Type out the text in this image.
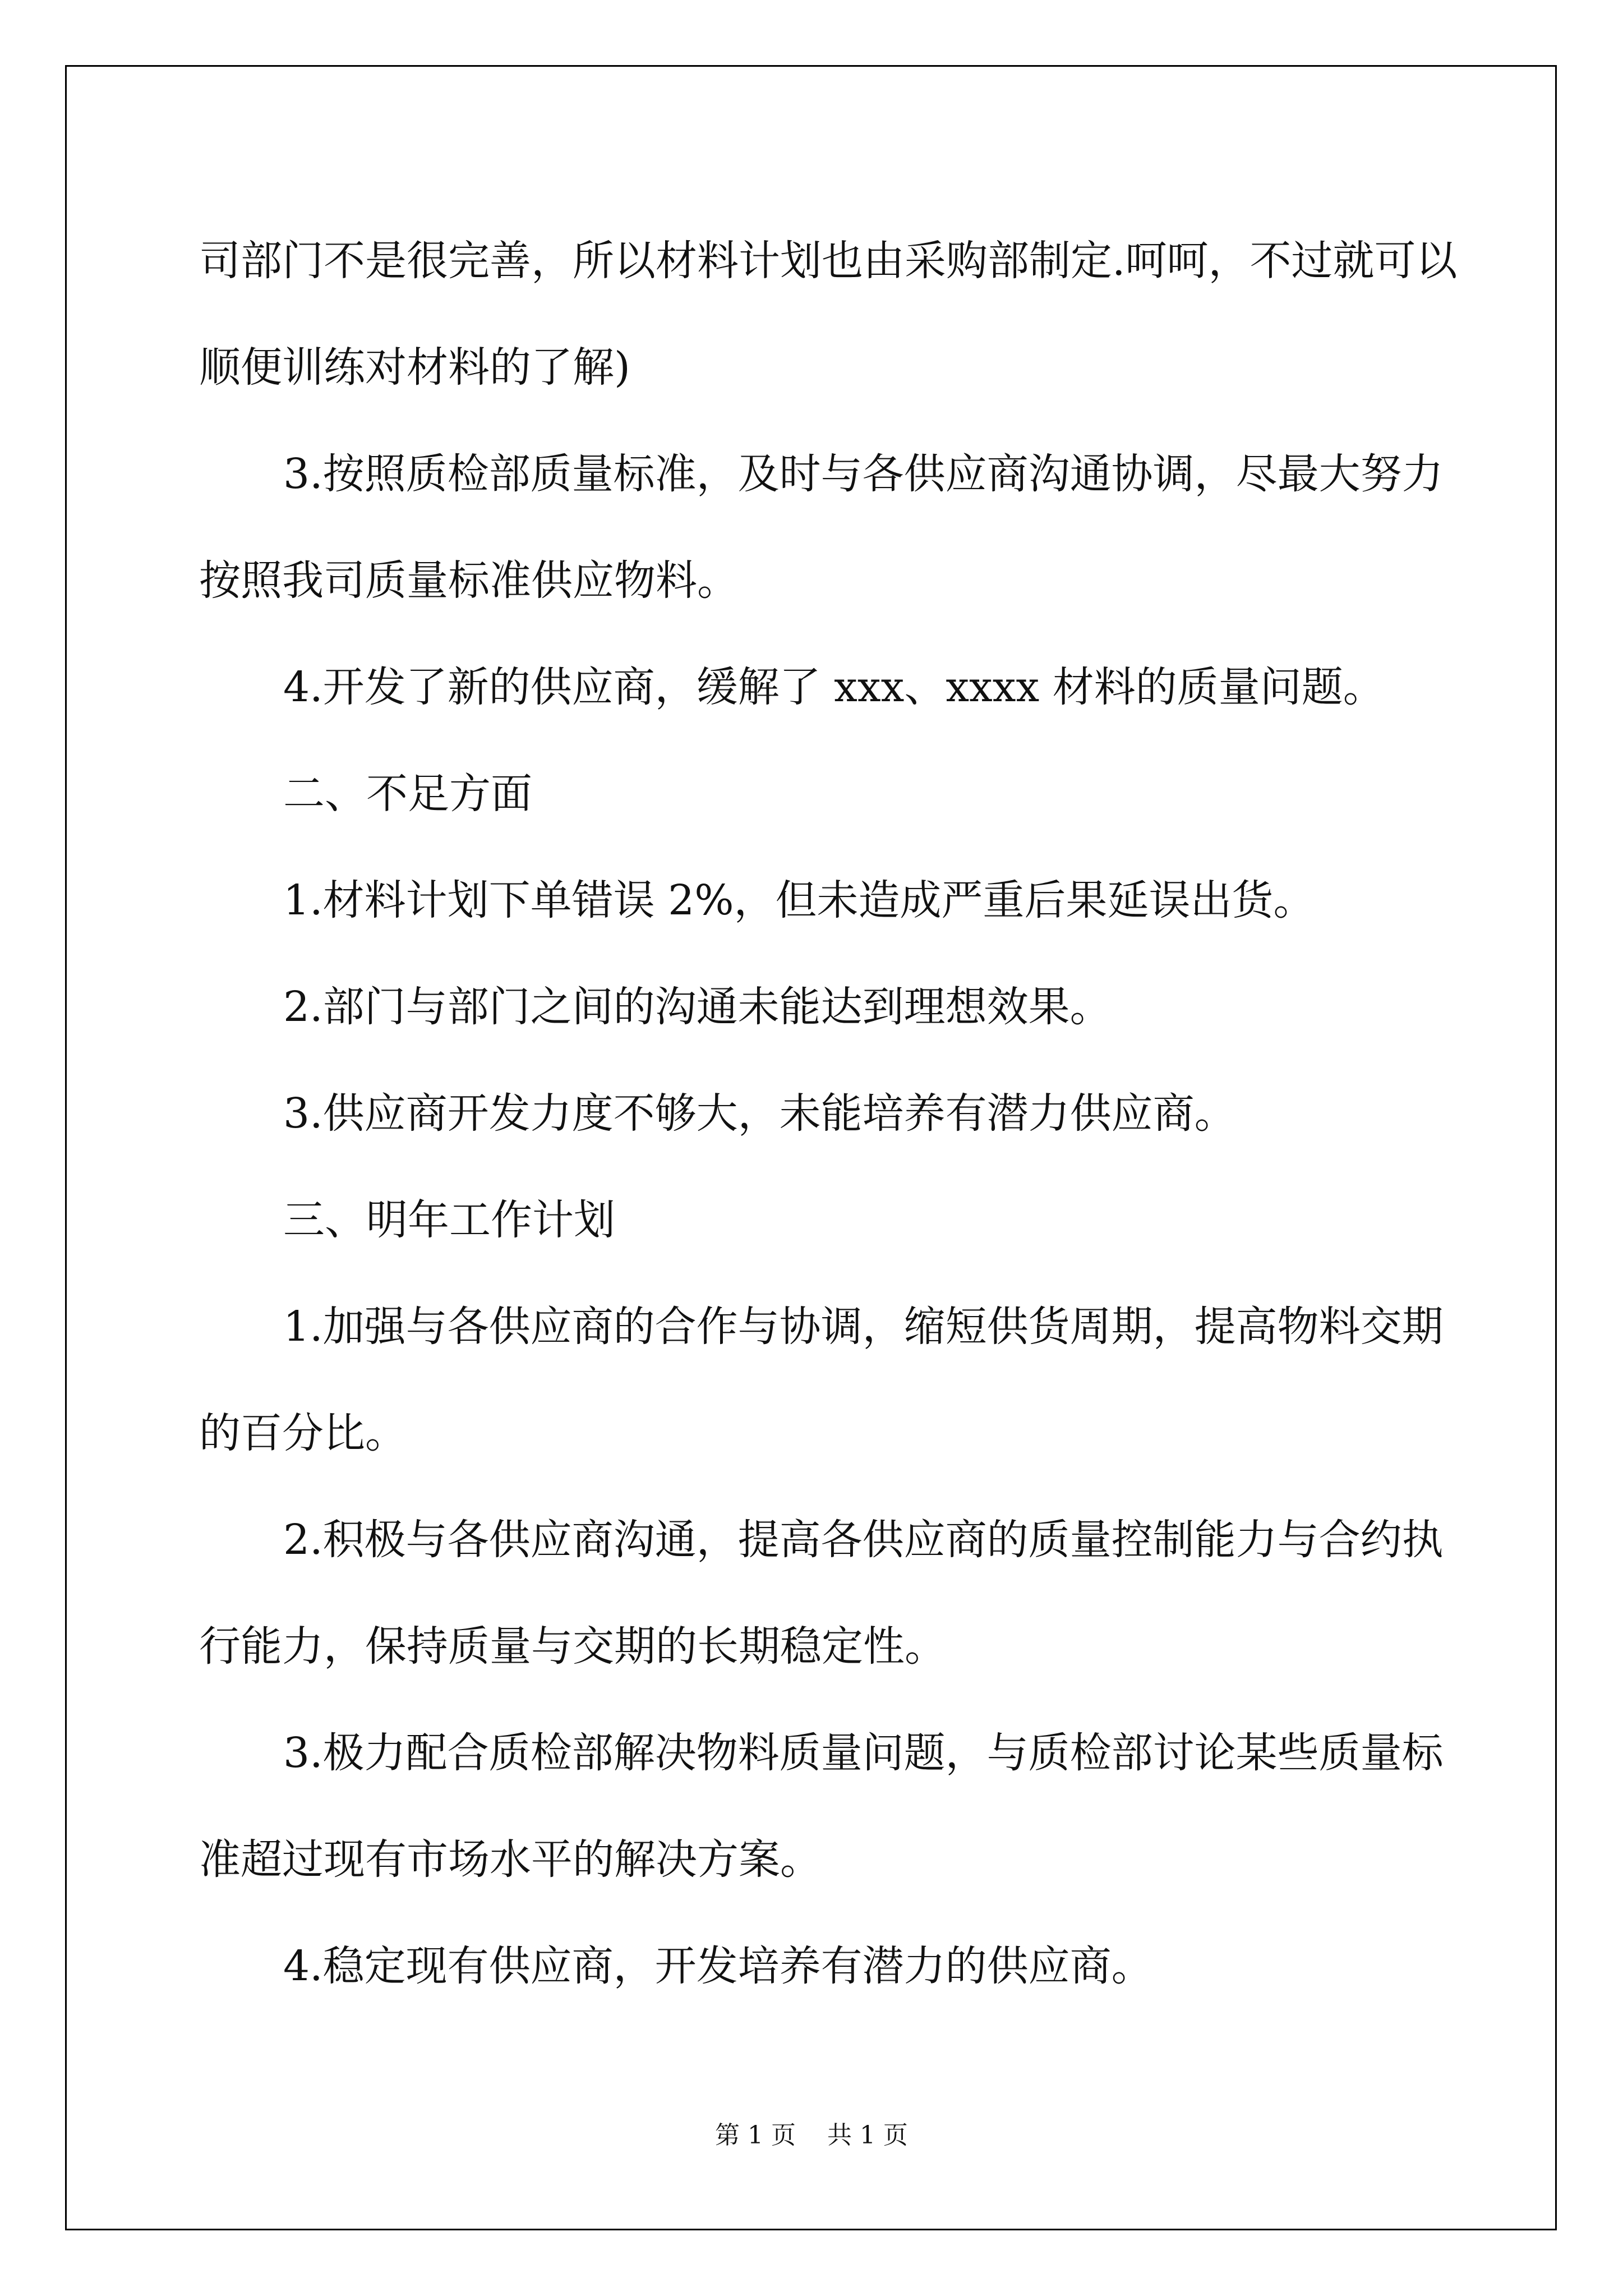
司部门不是很完善，所以材料计划也由采购部制定.呵呵，不过就可以

顺便训练对材料的了解)

3.按照质检部质量标准，及时与各供应商沟通协调，尽最大努力

按照我司质量标准供应物料。

4.开发了新的供应商，缓解了 xxx、xxxx 材料的质量问题。

二、不足方面

1.材料计划下单错误 2%，但未造成严重后果延误出货。

2.部门与部门之间的沟通未能达到理想效果。

3.供应商开发力度不够大，未能培养有潜力供应商。

三、明年工作计划

1.加强与各供应商的合作与协调，缩短供货周期，提高物料交期

的百分比。

2.积极与各供应商沟通，提高各供应商的质量控制能力与合约执

行能力，保持质量与交期的长期稳定性。

3.极力配合质检部解决物料质量问题，与质检部讨论某些质量标

准超过现有市场水平的解决方案。

4.稳定现有供应商，开发培养有潜力的供应商。

第 1 页 共 1 页
